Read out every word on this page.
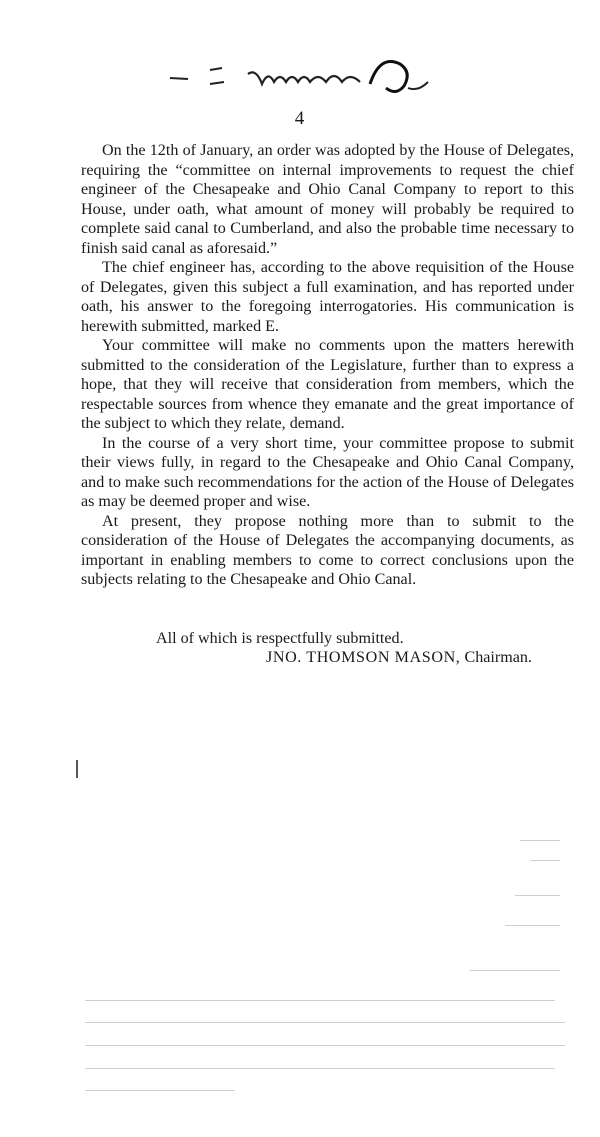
4

On the 12th of January, an order was adopted by the House of Delegates, requiring the “committee on internal improvements to request the chief engineer of the Chesapeake and Ohio Canal Company to report to this House, under oath, what amount of money will probably be required to complete said canal to Cumberland, and also the probable time necessary to finish said canal as aforesaid.”

The chief engineer has, according to the above requisition of the House of Delegates, given this subject a full examination, and has reported under oath, his answer to the foregoing interrogatories. His communication is herewith submitted, marked E.

Your committee will make no comments upon the matters herewith submitted to the consideration of the Legislature, further than to express a hope, that they will receive that consideration from members, which the respectable sources from whence they emanate and the great importance of the subject to which they relate, demand.

In the course of a very short time, your committee propose to submit their views fully, in regard to the Chesapeake and Ohio Canal Company, and to make such recommendations for the action of the House of Delegates as may be deemed proper and wise.

At present, they propose nothing more than to submit to the consideration of the House of Delegates the accompanying documents, as important in enabling members to come to correct conclusions upon the subjects relating to the Chesapeake and Ohio Canal.

All of which is respectfully submitted.
JNO. THOMSON MASON, Chairman.
